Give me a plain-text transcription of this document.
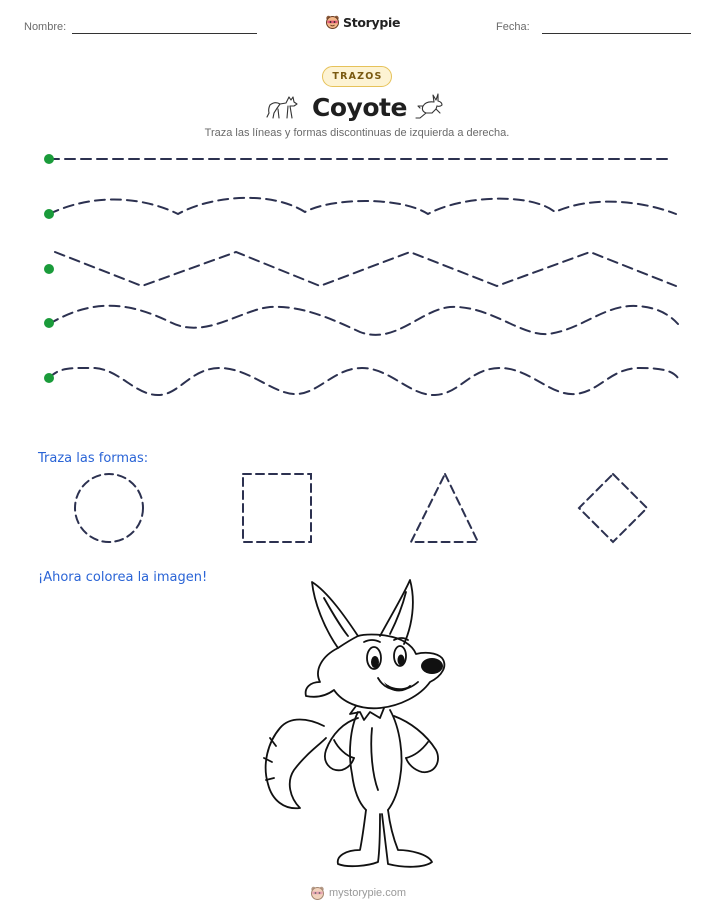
Nombre:	Storypie	Fecha:
TRAZOS
Coyote
Traza las líneas y formas discontinuas de izquierda a derecha.
Traza las formas:
¡Ahora colorea la imagen!
mystorypie.com
